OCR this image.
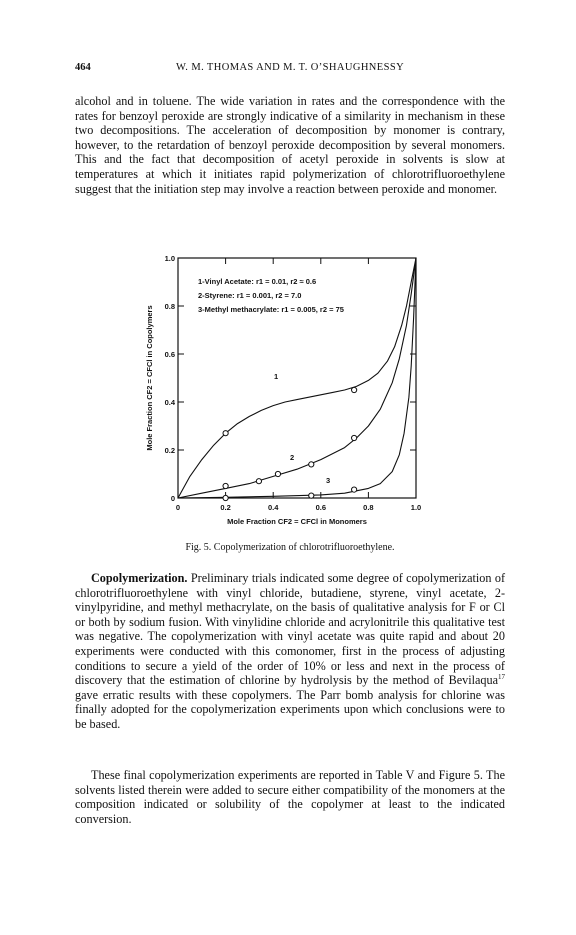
464	W. M. THOMAS AND M. T. O’SHAUGHNESSY

alcohol and in toluene. The wide variation in rates and the correspondence with the rates for benzoyl peroxide are strongly indicative of a similarity in mechanism in these two decompositions. The acceleration of decomposition by monomer is contrary, however, to the retardation of benzoyl peroxide decomposition by several monomers. This and the fact that decomposition of acetyl peroxide in solvents is slow at temperatures at which it initiates rapid polymerization of chlorotrifluoroethylene suggest that the initiation step may involve a reaction between peroxide and monomer.

0	0.2	0.4	0.6	0.8	1.0
0
0.2
0.4
0.6
0.8
1.0
1-Vinyl Acetate: r1 = 0.01, r2 ≈ 0.6
2-Styrene: r1 = 0.001, r2 = 7.0
3-Methyl methacrylate: r1 = 0.005, r2 = 75
1
2
3
Mole Fraction CF2 = CFCl in Monomers
Mole Fraction CF2 = CFCl in Copolymers
Fig. 5. Copolymerization of chlorotrifluoroethylene.

Copolymerization. Preliminary trials indicated some degree of copolymerization of chlorotrifluoroethylene with vinyl chloride, butadiene, styrene, vinyl acetate, 2-vinylpyridine, and methyl methacrylate, on the basis of qualitative analysis for F or Cl or both by sodium fusion. With vinylidine chloride and acrylonitrile this qualitative test was negative. The copolymerization with vinyl acetate was quite rapid and about 20 experiments were conducted with this comonomer, first in the process of adjusting conditions to secure a yield of the order of 10% or less and next in the process of discovery that the estimation of chlorine by hydrolysis by the method of Bevilaqua$^{17}$ gave erratic results with these copolymers. The Parr bomb analysis for chlorine was finally adopted for the copolymerization experiments upon which conclusions were to be based.

These final copolymerization experiments are reported in Table V and Figure 5. The solvents listed therein were added to secure either compatibility of the monomers at the composition indicated or solubility of the copolymer at least to the indicated conversion.
